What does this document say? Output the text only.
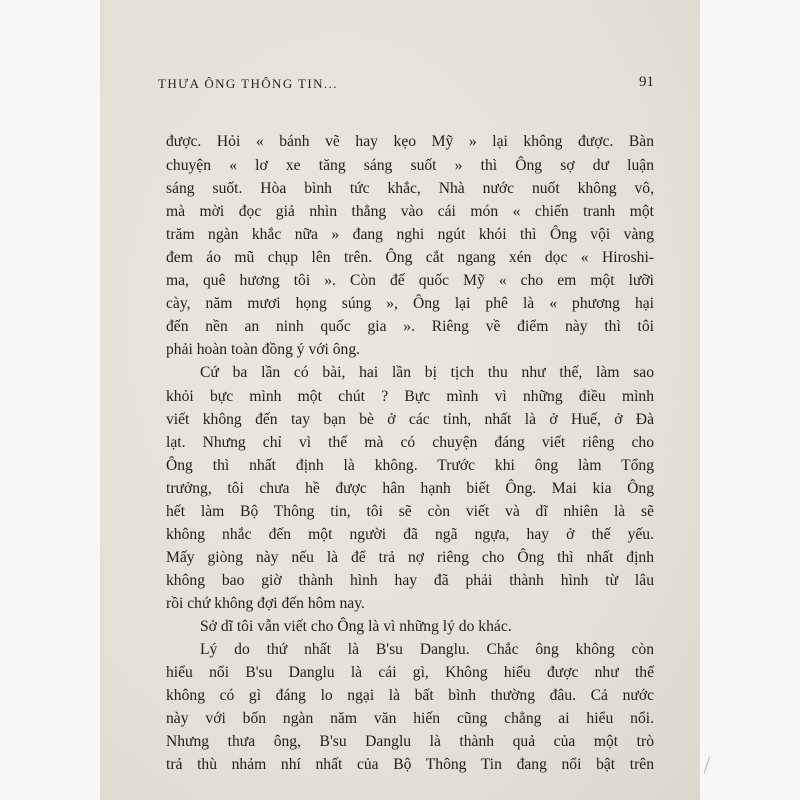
THƯA ÔNG THÔNG TIN...	91
được. Hỏi « bánh vẽ hay kẹo Mỹ » lại không được. Bàn
chuyện « lơ xe tăng sáng suốt » thì Ông sợ dư luận
sáng suốt. Hòa bình tức khắc, Nhà nước nuốt không vô,
mà mời đọc giả nhìn thẳng vào cái món « chiến tranh một
trăm ngàn khắc nữa » đang nghi ngút khói thì Ông vội vàng
đem áo mũ chụp lên trên. Ông cắt ngang xén dọc « Hiroshi-
ma, quê hương tôi ». Còn đế quốc Mỹ « cho em một lưỡi
cày, năm mươi họng súng », Ông lại phê là « phương hại
đến nền an ninh quốc gia ». Riêng về điểm này thì tôi
phải hoàn toàn đồng ý với ông.
Cứ ba lần có bài, hai lần bị tịch thu như thế, làm sao
khỏi bực mình một chút ? Bực mình vì những điều mình
viết không đến tay bạn bè ở các tỉnh, nhất là ở Huế, ở Đà
lạt. Nhưng chỉ vì thế mà có chuyện đáng viết riêng cho
Ông thì nhất định là không. Trước khi ông làm Tổng
trưởng, tôi chưa hề được hân hạnh biết Ông. Mai kia Ông
hết làm Bộ Thông tin, tôi sẽ còn viết và dĩ nhiên là sẽ
không nhắc đến một người đã ngã ngựa, hay ở thế yếu.
Mấy giòng này nếu là để trả nợ riêng cho Ông thì nhất định
không bao giờ thành hình hay đã phải thành hình từ lâu
rồi chứ không đợi đến hôm nay.
Sở dĩ tôi vẫn viết cho Ông là vì những lý do khác.
Lý do thứ nhất là B'su Danglu. Chắc ông không còn
hiểu nổi B'su Danglu là cái gì, Không hiểu được như thế
không có gì đáng lo ngại là bất bình thường đâu. Cả nước
này với bốn ngàn năm văn hiến cũng chẳng ai hiểu nổi.
Nhưng thưa ông, B'su Danglu là thành quả của một trò
trả thù nhảm nhí nhất của Bộ Thông Tin đang nổi bật trên
